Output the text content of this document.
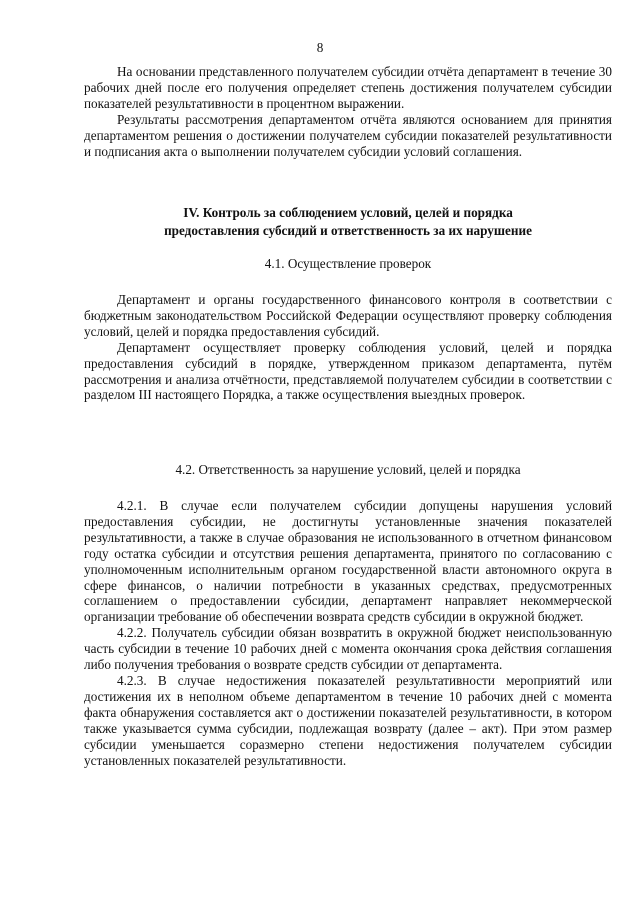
8

На основании представленного получателем субсидии отчёта департамент в течение 30 рабочих дней после его получения определяет степень достижения получателем субсидии показателей результативности в процентном выражении.

Результаты рассмотрения департаментом отчёта являются основанием для принятия департаментом решения о достижении получателем субсидии показателей результативности и подписания акта о выполнении получателем субсидии условий соглашения.

IV. Контроль за соблюдением условий, целей и порядка
предоставления субсидий и ответственность за их нарушение
4.1. Осуществление проверок

Департамент и органы государственного финансового контроля в соответствии с бюджетным законодательством Российской Федерации осуществляют проверку соблюдения условий, целей и порядка предоставления субсидий.

Департамент осуществляет проверку соблюдения условий, целей и порядка предоставления субсидий в порядке, утвержденном приказом департамента, путём рассмотрения и анализа отчётности, представляемой получателем субсидии в соответствии с разделом III настоящего Порядка, а также осуществления выездных проверок.

4.2. Ответственность за нарушение условий, целей и порядка

4.2.1. В случае если получателем субсидии допущены нарушения условий предоставления субсидии, не достигнуты установленные значения показателей результативности, а также в случае образования не использованного в отчетном финансовом году остатка субсидии и отсутствия решения департамента, принятого по согласованию с уполномоченным исполнительным органом государственной власти автономного округа в сфере финансов, о наличии потребности в указанных средствах, предусмотренных соглашением о предоставлении субсидии, департамент направляет некоммерческой организации требование об обеспечении возврата средств субсидии в окружной бюджет.

4.2.2. Получатель субсидии обязан возвратить в окружной бюджет неиспользованную часть субсидии в течение 10 рабочих дней с момента окончания срока действия соглашения либо получения требования о возврате средств субсидии от департамента.

4.2.3. В случае недостижения показателей результативности мероприятий или достижения их в неполном объеме департаментом в течение 10 рабочих дней с момента факта обнаружения составляется акт о достижении показателей результативности, в котором также указывается сумма субсидии, подлежащая возврату (далее – акт). При этом размер субсидии уменьшается соразмерно степени недостижения получателем субсидии установленных показателей результативности.
